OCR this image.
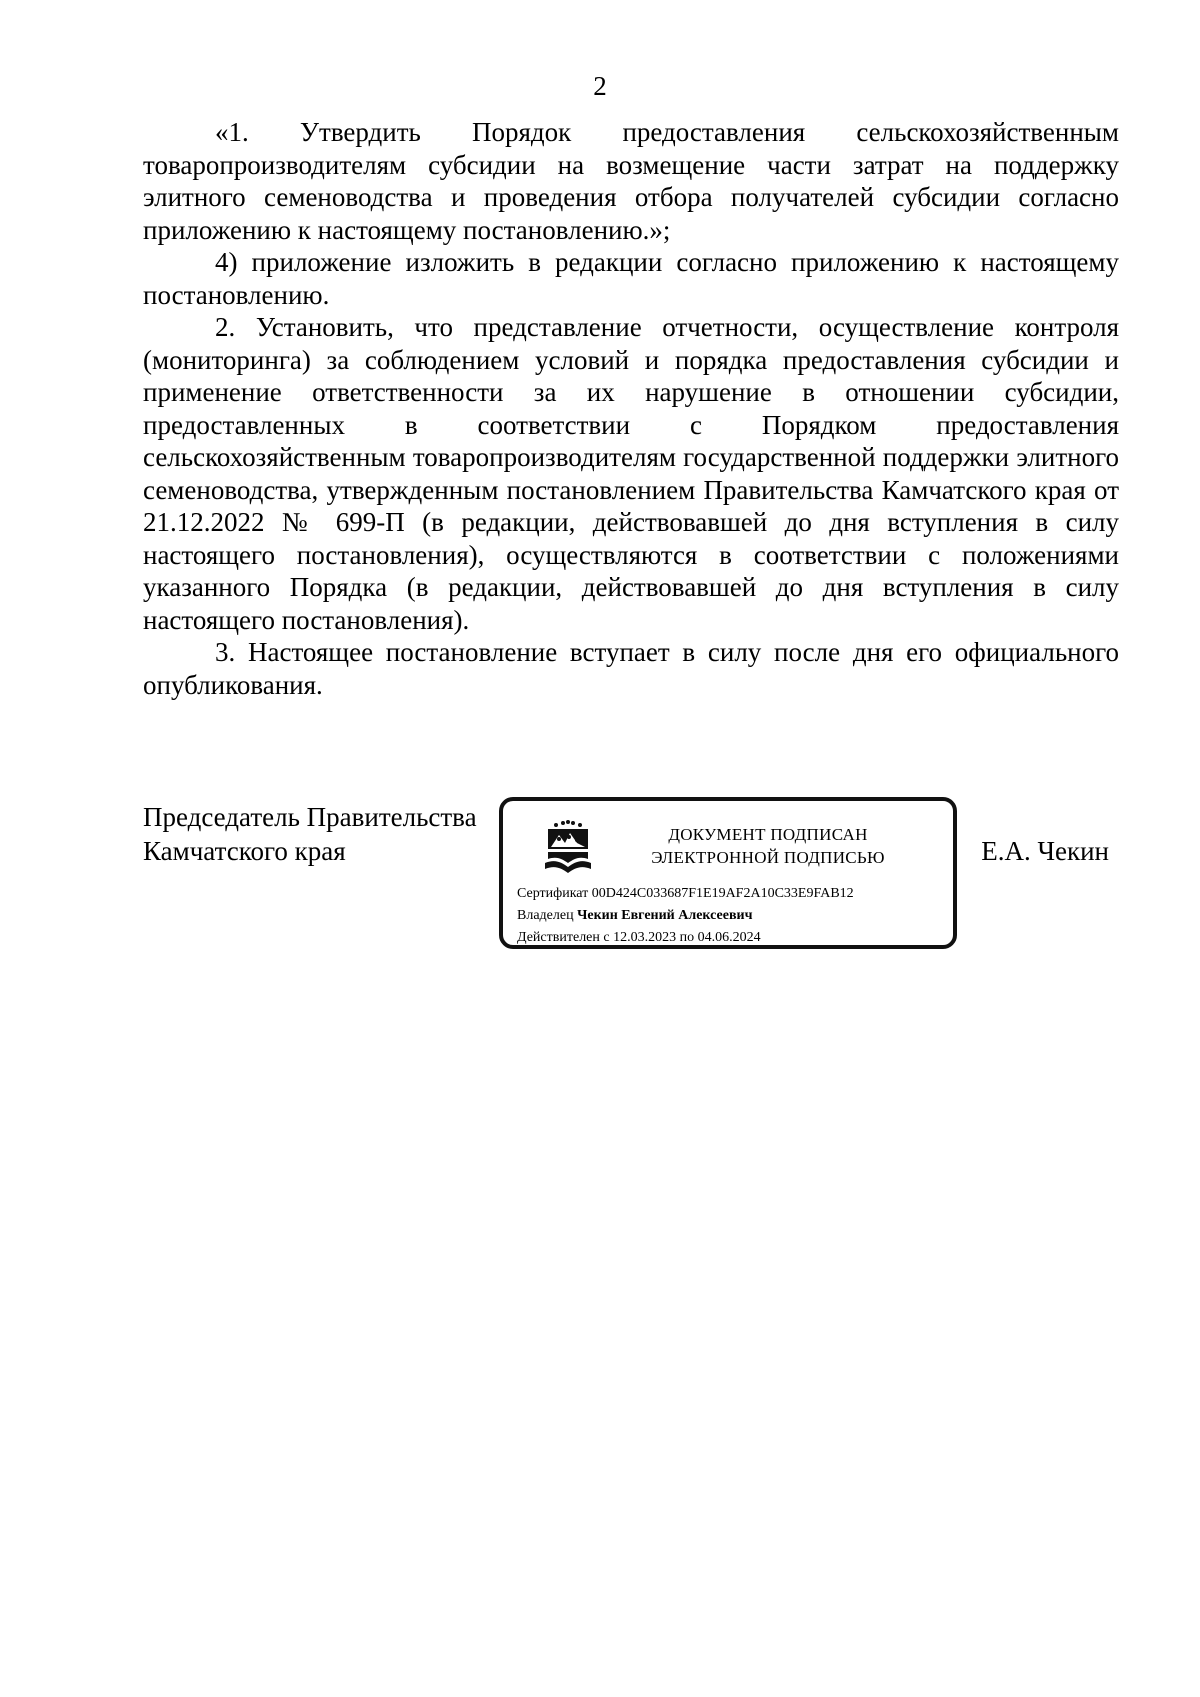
2

«1. Утвердить Порядок предоставления сельскохозяйственным товаропроизводителям субсидии на возмещение части затрат на поддержку элитного семеноводства и проведения отбора получателей субсидии согласно приложению к настоящему постановлению.»;

4) приложение изложить в редакции согласно приложению к настоящему постановлению.

2. Установить, что представление отчетности, осуществление контроля (мониторинга) за соблюдением условий и порядка предоставления субсидии и применение ответственности за их нарушение в отношении субсидии, предоставленных в соответствии с Порядком предоставления сельскохозяйственным товаропроизводителям государственной поддержки элитного семеноводства, утвержденным постановлением Правительства Камчатского края от 21.12.2022 № 699-П (в редакции, действовавшей до дня вступления в силу настоящего постановления), осуществляются в соответствии с положениями указанного Порядка (в редакции, действовавшей до дня вступления в силу настоящего постановления).

3. Настоящее постановление вступает в силу после дня его официального опубликования.

Председатель Правительства
Камчатского края
ДОКУМЕНТ ПОДПИСАН
ЭЛЕКТРОННОЙ ПОДПИСЬЮ
Сертификат 00D424C033687F1E19AF2A10C33E9FAB12
Владелец Чекин Евгений Алексеевич
Действителен с 12.03.2023 по 04.06.2024
Е.А. Чекин
